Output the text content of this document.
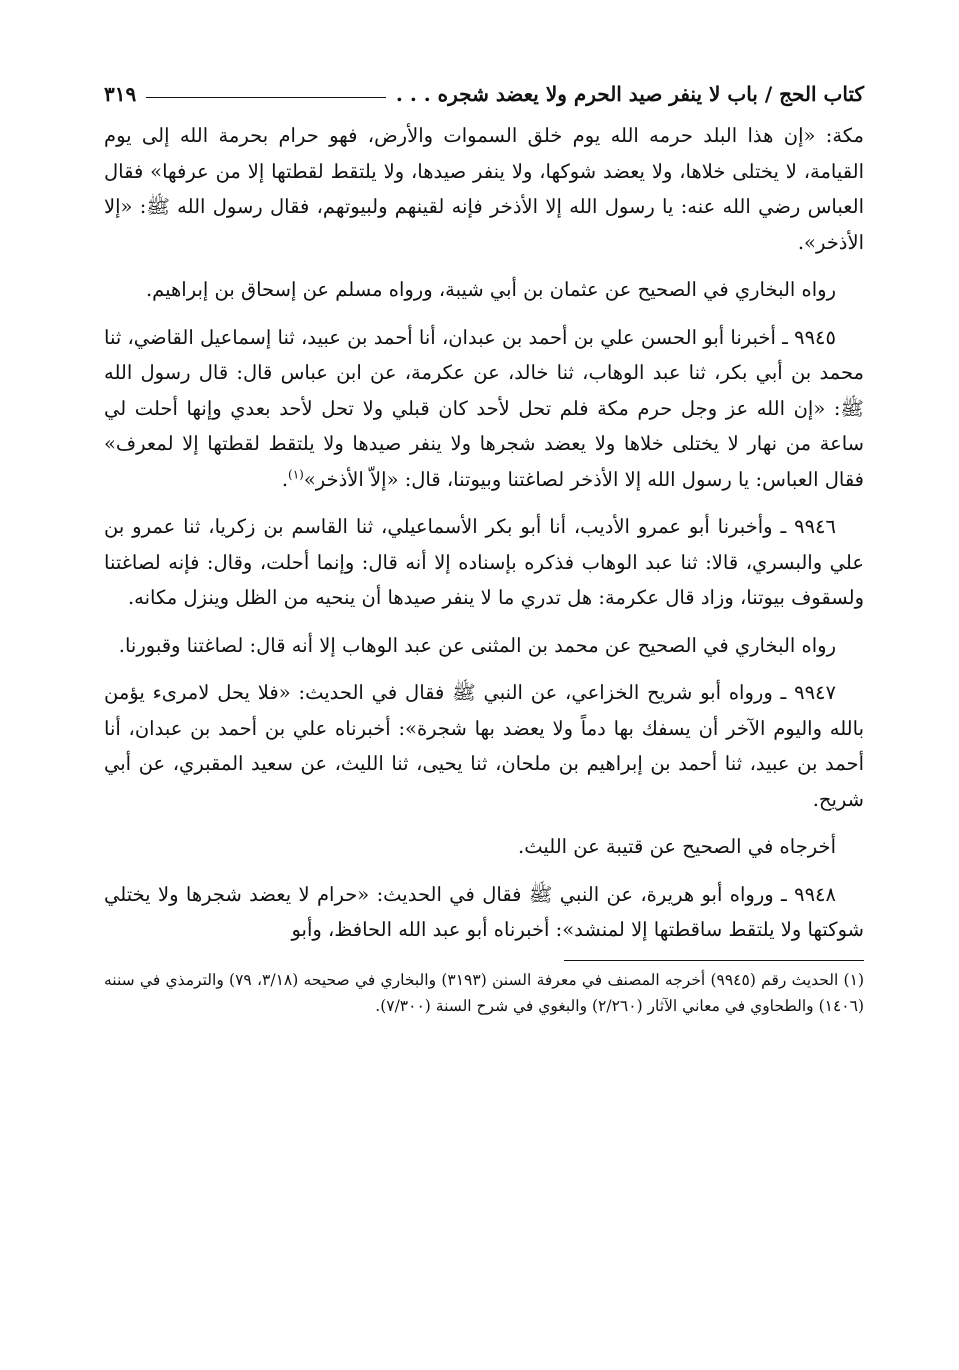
كتاب الحج / باب لا ينفر صيد الحرم ولا يعضد شجره . . .
٣١٩

مكة: «إن هذا البلد حرمه الله يوم خلق السموات والأرض، فهو حرام بحرمة الله إلى يوم القيامة، لا يختلى خلاها، ولا يعضد شوكها، ولا ينفر صيدها، ولا يلتقط لقطتها إلا من عرفها» فقال العباس رضي الله عنه: يا رسول الله إلا الأذخر فإنه لقينهم ولبيوتهم، فقال رسول الله ﷺ: «إلا الأذخر».

رواه البخاري في الصحيح عن عثمان بن أبي شيبة، ورواه مسلم عن إسحاق بن إبراهيم.

٩٩٤٥ ـ أخبرنا أبو الحسن علي بن أحمد بن عبدان، أنا أحمد بن عبيد، ثنا إسماعيل القاضي، ثنا محمد بن أبي بكر، ثنا عبد الوهاب، ثنا خالد، عن عكرمة، عن ابن عباس قال: قال رسول الله ﷺ: «إن الله عز وجل حرم مكة فلم تحل لأحد كان قبلي ولا تحل لأحد بعدي وإنها أحلت لي ساعة من نهار لا يختلى خلاها ولا يعضد شجرها ولا ينفر صيدها ولا يلتقط لقطتها إلا لمعرف» فقال العباس: يا رسول الله إلا الأذخر لصاغتنا وبيوتنا، قال: «إلاّ الأذخر»$^{(١)}$.

٩٩٤٦ ـ وأخبرنا أبو عمرو الأديب، أنا أبو بكر الأسماعيلي، ثنا القاسم بن زكريا، ثنا عمرو بن علي والبسري، قالا: ثنا عبد الوهاب فذكره بإسناده إلا أنه قال: وإنما أحلت، وقال: فإنه لصاغتنا ولسقوف بيوتنا، وزاد قال عكرمة: هل تدري ما لا ينفر صيدها أن ينحيه من الظل وينزل مكانه.

رواه البخاري في الصحيح عن محمد بن المثنى عن عبد الوهاب إلا أنه قال: لصاغتنا وقبورنا.

٩٩٤٧ ـ ورواه أبو شريح الخزاعي، عن النبي ﷺ فقال في الحديث: «فلا يحل لامرىء يؤمن بالله واليوم الآخر أن يسفك بها دماً ولا يعضد بها شجرة»: أخبرناه علي بن أحمد بن عبدان، أنا أحمد بن عبيد، ثنا أحمد بن إبراهيم بن ملحان، ثنا يحيى، ثنا الليث، عن سعيد المقبري، عن أبي شريح.

أخرجاه في الصحيح عن قتيبة عن الليث.

٩٩٤٨ ـ ورواه أبو هريرة، عن النبي ﷺ فقال في الحديث: «حرام لا يعضد شجرها ولا يختلي شوكتها ولا يلتقط ساقطتها إلا لمنشد»: أخبرناه أبو عبد الله الحافظ، وأبو

(١) الحديث رقم (٩٩٤٥) أخرجه المصنف في معرفة السنن (٣١٩٣) والبخاري في صحيحه (٣/١٨، ٧٩) والترمذي في سننه (١٤٠٦) والطحاوي في معاني الآثار (٢/٢٦٠) والبغوي في شرح السنة (٧/٣٠٠).
